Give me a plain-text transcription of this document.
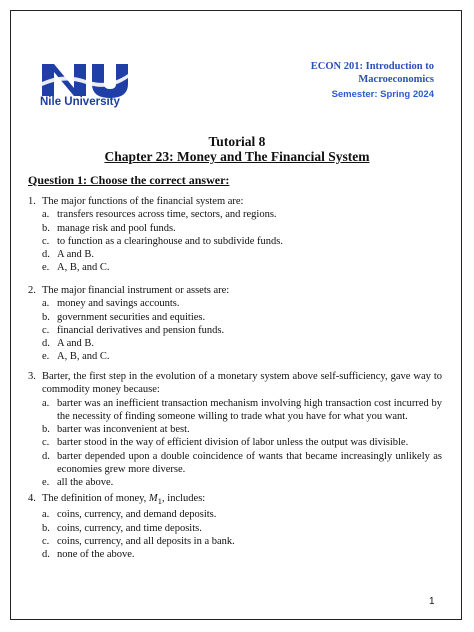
Nile University
ECON 201: Introduction to
Macroeconomics
Semester: Spring 2024
Tutorial 8
Chapter 23: Money and The Financial System
Question 1: Choose the correct answer:
1. The major functions of the financial system are:
a. transfers resources across time, sectors, and regions.
b. manage risk and pool funds.
c. to function as a clearinghouse and to subdivide funds.
d. A and B.
e. A, B, and C.
2. The major financial instrument or assets are:
a. money and savings accounts.
b. government securities and equities.
c. financial derivatives and pension funds.
d. A and B.
e. A, B, and C.
3. Barter, the first step in the evolution of a monetary system above self-sufficiency, gave way to commodity money because:
a. barter was an inefficient transaction mechanism involving high transaction cost incurred by the necessity of finding someone willing to trade what you have for what you want.
b. barter was inconvenient at best.
c. barter stood in the way of efficient division of labor unless the output was divisible.
d. barter depended upon a double coincidence of wants that became increasingly unlikely as economies grew more diverse.
e. all the above.
4. The definition of money, $M_1$, includes:
a. coins, currency, and demand deposits.
b. coins, currency, and time deposits.
c. coins, currency, and all deposits in a bank.
d. none of the above.
1
